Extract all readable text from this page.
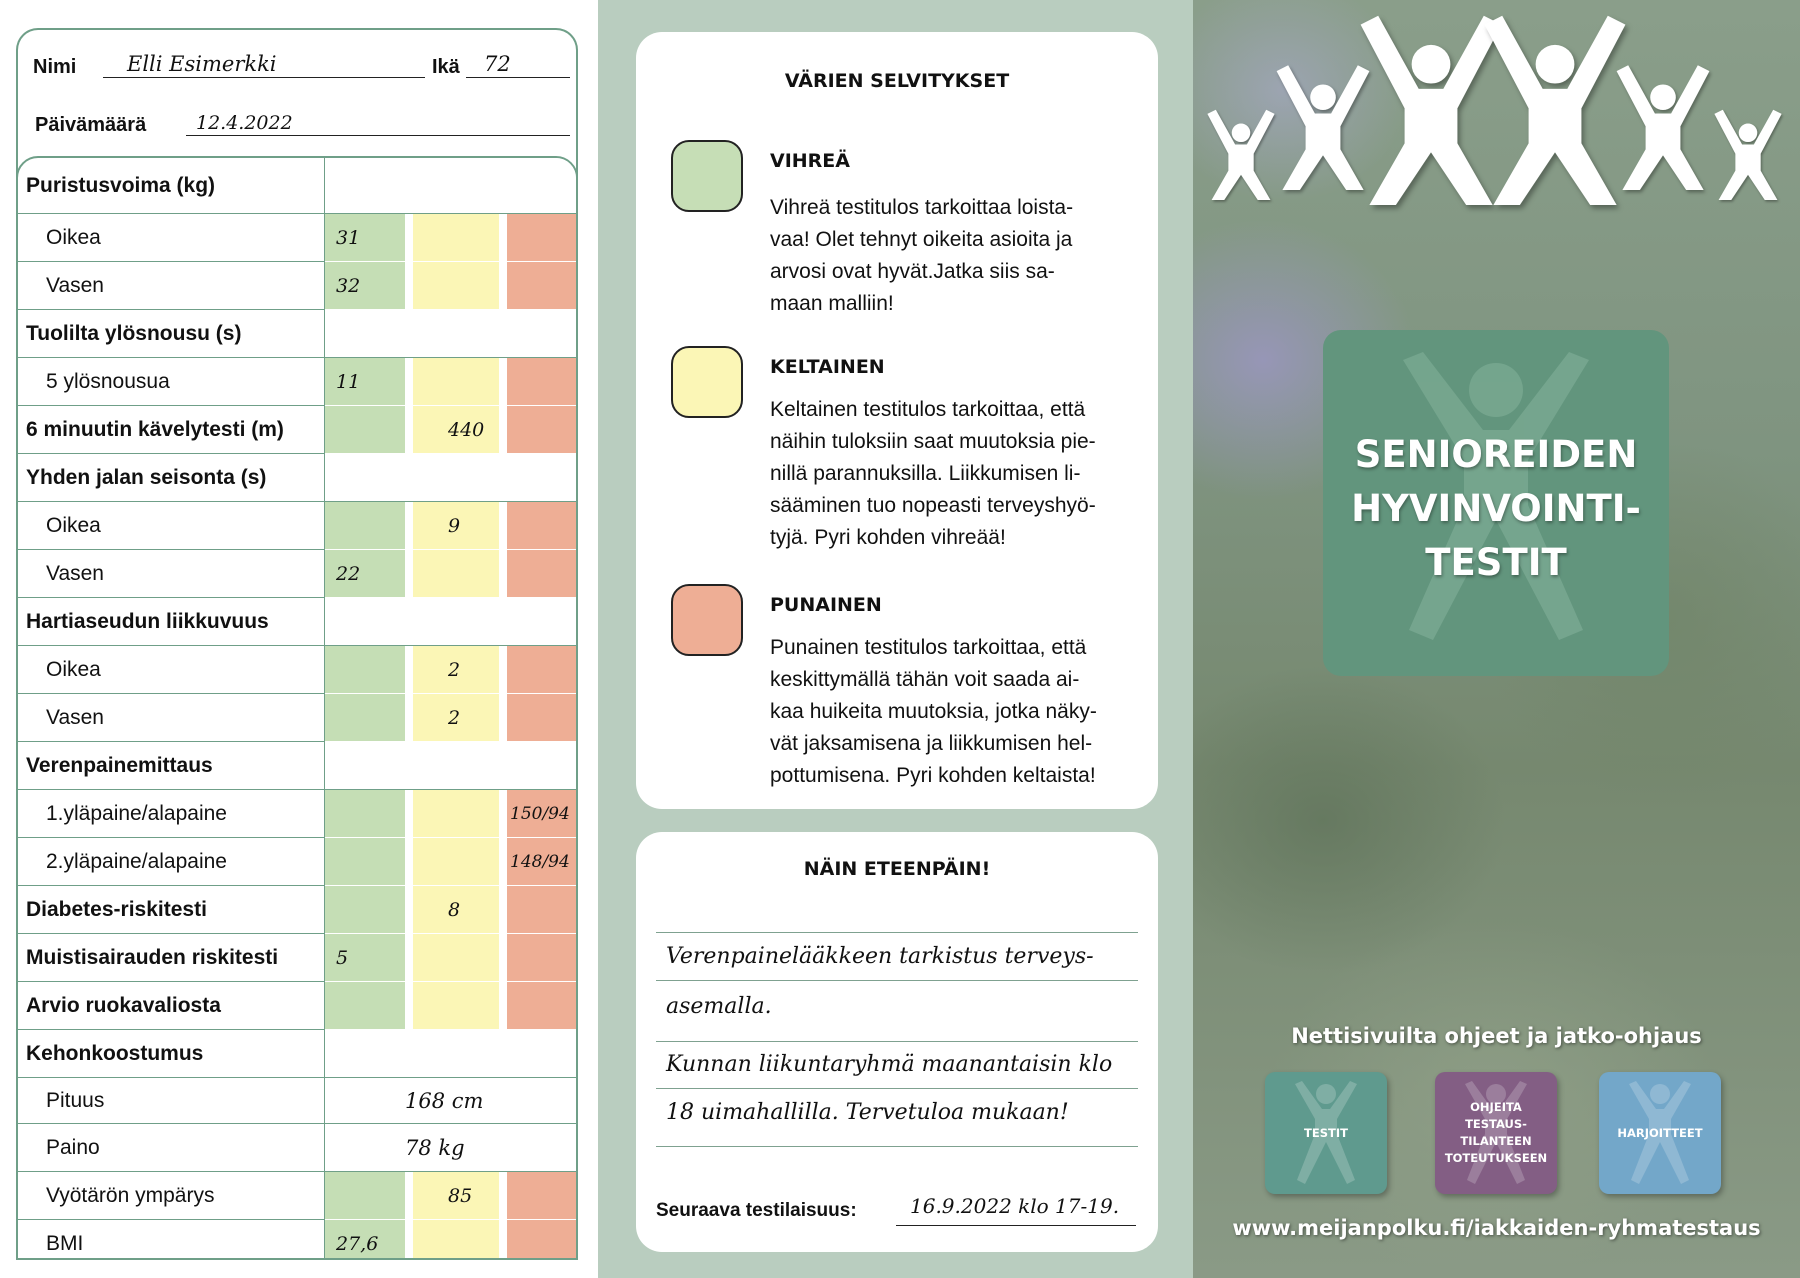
Nimi Elli Esimerkki	Ikä 72
Päivämäärä	12.4.2022
Puristusvoima (kg)
Oikea	31
Vasen	32
Tuolilta ylösnousu (s)
5 ylösnousua	11
6 minuutin kävelytesti (m)	440
Yhden jalan seisonta (s)
Oikea	9
Vasen	22
Hartiaseudun liikkuvuus
Oikea	2
Vasen	2
Verenpainemittaus
1.yläpaine/alapaine	150/94
2.yläpaine/alapaine	148/94
Diabetes-riskitesti	8
Muistisairauden riskitesti	5
Arvio ruokavaliosta
Kehonkoostumus
Pituus	168 cm
Paino	78 kg
Vyötärön ympärys	85
BMI	27,6
VÄRIEN SELVITYKSET
VIHREÄ
Vihreä testitulos tarkoittaa loista-
vaa! Olet tehnyt oikeita asioita ja
arvosi ovat hyvät.Jatka siis sa-
maan malliin!
KELTAINEN
Keltainen testitulos tarkoittaa, että
näihin tuloksiin saat muutoksia pie-
nillä parannuksilla. Liikkumisen li-
sääminen tuo nopeasti terveyshyö-
tyjä. Pyri kohden vihreää!
PUNAINEN
Punainen testitulos tarkoittaa, että
keskittymällä tähän voit saada ai-
kaa huikeita muutoksia, jotka näky-
vät jaksamisena ja liikkumisen hel-
pottumisena. Pyri kohden keltaista!
NÄIN ETEENPÄIN!
Verenpainelääkkeen tarkistus terveys-
asemalla.
Kunnan liikuntaryhmä maanantaisin klo
18 uimahallilla. Tervetuloa mukaan!
Seuraava testilaisuus:	16.9.2022 klo 17-19.
SENIOREIDEN
HYVINVOINTI-
TESTIT
Nettisivuilta ohjeet ja jatko-ohjaus
TESTIT
OHJEITA
TESTAUS-
TILANTEEN
TOTEUTUKSEEN
HARJOITTEET
www.meijanpolku.fi/iakkaiden-ryhmatestaus
